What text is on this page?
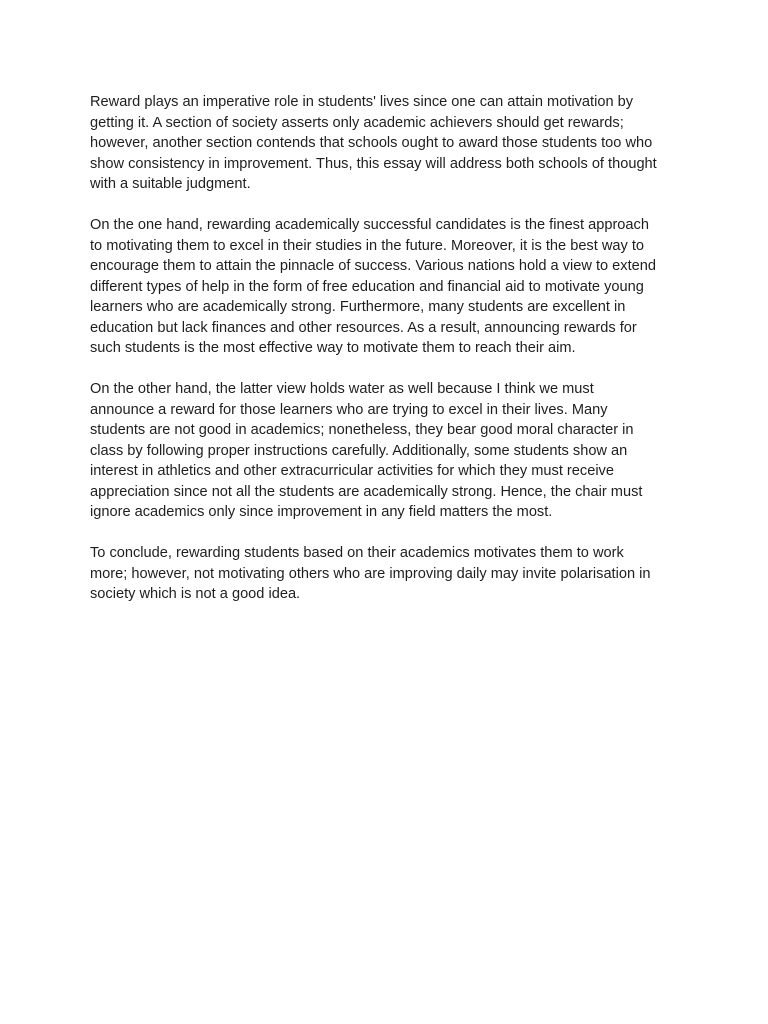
Reward plays an imperative role in students' lives since one can attain motivation by
getting it. A section of society asserts only academic achievers should get rewards;
however, another section contends that schools ought to award those students too who
show consistency in improvement. Thus, this essay will address both schools of thought
with a suitable judgment.

On the one hand, rewarding academically successful candidates is the finest approach
to motivating them to excel in their studies in the future. Moreover, it is the best way to
encourage them to attain the pinnacle of success. Various nations hold a view to extend
different types of help in the form of free education and financial aid to motivate young
learners who are academically strong. Furthermore, many students are excellent in
education but lack finances and other resources. As a result, announcing rewards for
such students is the most effective way to motivate them to reach their aim.

On the other hand, the latter view holds water as well because I think we must
announce a reward for those learners who are trying to excel in their lives. Many
students are not good in academics; nonetheless, they bear good moral character in
class by following proper instructions carefully. Additionally, some students show an
interest in athletics and other extracurricular activities for which they must receive
appreciation since not all the students are academically strong. Hence, the chair must
ignore academics only since improvement in any field matters the most.

To conclude, rewarding students based on their academics motivates them to work
more; however, not motivating others who are improving daily may invite polarisation in
society which is not a good idea.
